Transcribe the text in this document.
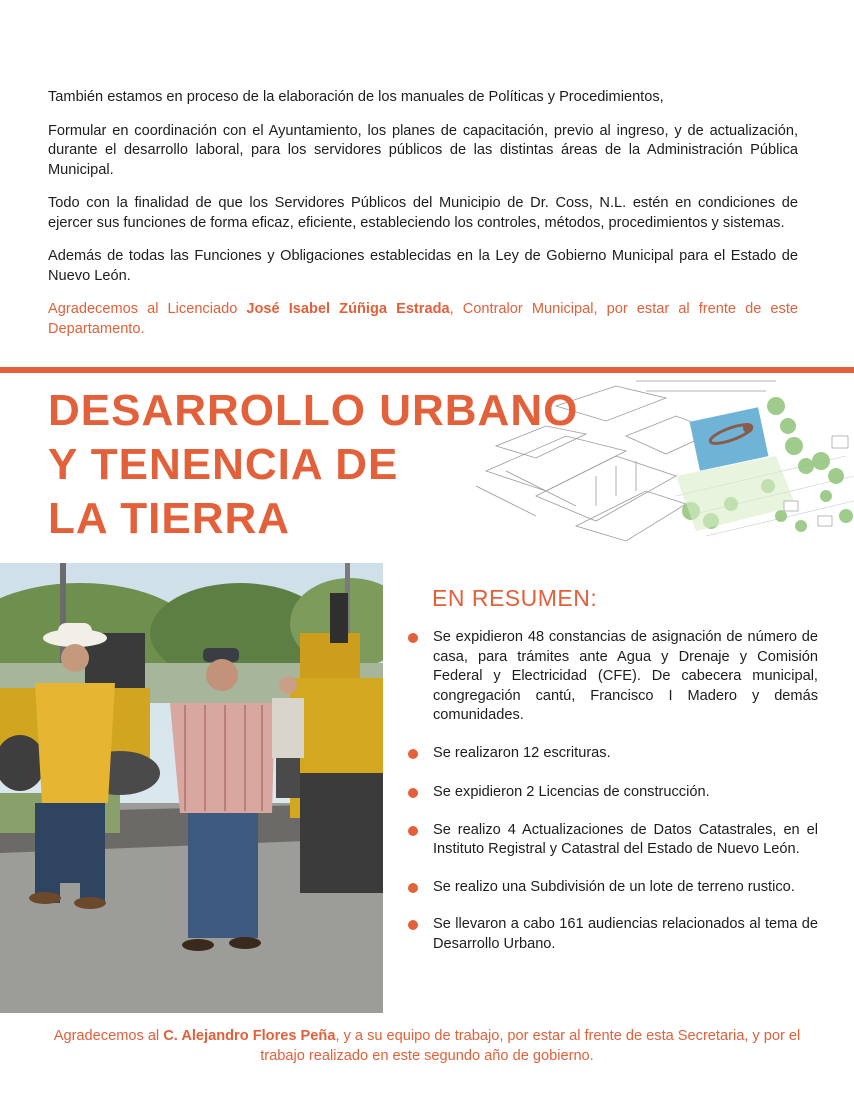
También estamos en proceso de la elaboración de los manuales de Políticas y Procedimientos,

Formular en coordinación con el Ayuntamiento, los planes de capacitación, previo al ingreso, y de actualización, durante el desarrollo laboral, para los servidores públicos de las distintas áreas de la Administración Pública Municipal.

Todo con la finalidad de que los Servidores Públicos del Municipio de Dr. Coss, N.L. estén en condiciones de ejercer sus funciones de forma eficaz, eficiente, estableciendo los controles, métodos, procedimientos y sistemas.

Además de todas las Funciones y Obligaciones establecidas en la Ley de Gobierno Municipal para el Estado de Nuevo León.

Agradecemos al Licenciado José Isabel Zúñiga Estrada, Contralor Municipal, por estar al frente de este Departamento.

DESARROLLO URBANO
Y TENENCIA DE
LA TIERRA
EN RESUMEN:
Se expidieron 48 constancias de asignación de número de casa, para trámites ante Agua y Drenaje y Comisión Federal y Electricidad (CFE). De cabecera municipal, congregación cantú, Francisco I Madero y demás comunidades.
Se realizaron 12 escrituras.
Se expidieron 2 Licencias de construcción.
Se realizo 4 Actualizaciones de Datos Catastrales, en el Instituto Registral y Catastral del Estado de Nuevo León.
Se realizo una Subdivisión de un lote de terreno rustico.
Se llevaron a cabo 161 audiencias relacionados al tema de Desarrollo Urbano.
Agradecemos al C. Alejandro Flores Peña, y a su equipo de trabajo, por estar al frente de esta Secretaria, y por el trabajo realizado en este segundo año de gobierno.
